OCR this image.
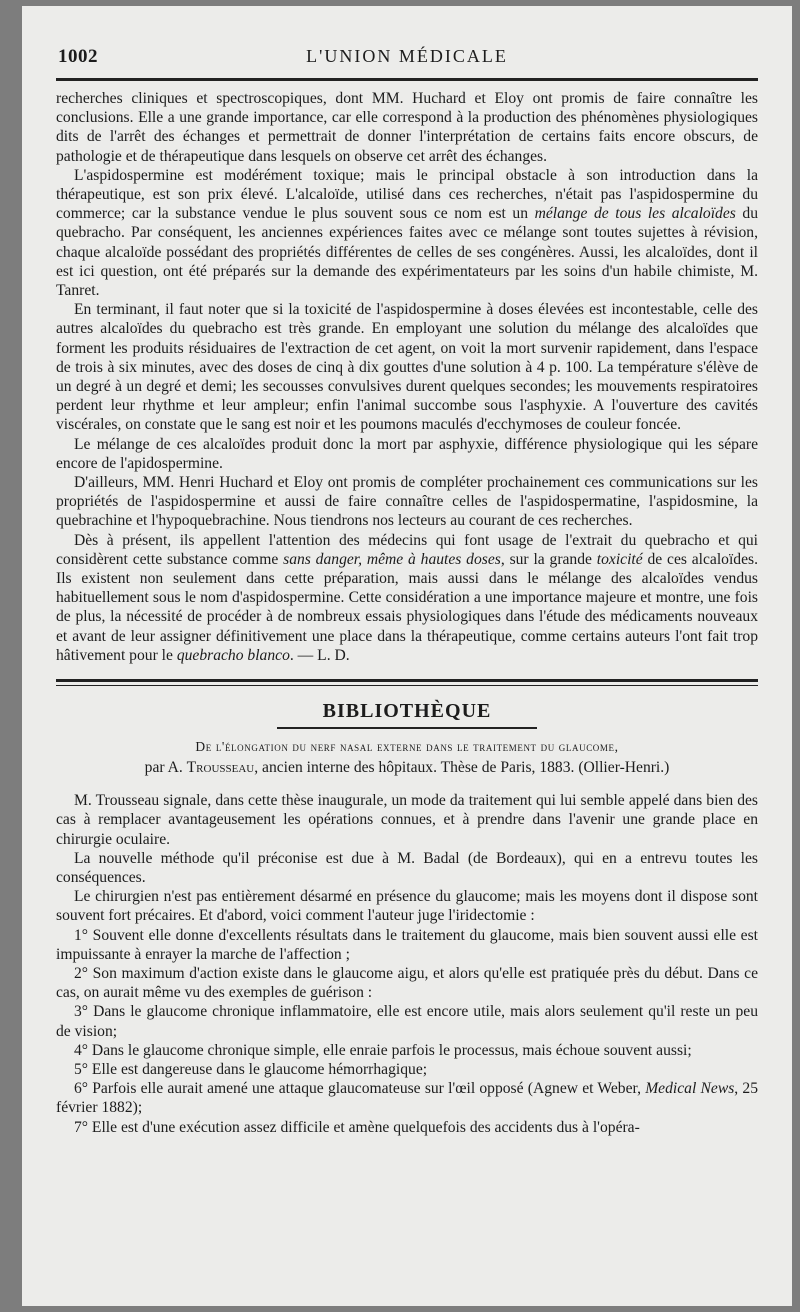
1002	L'UNION MÉDICALE

recherches cliniques et spectroscopiques, dont MM. Huchard et Eloy ont promis de faire connaître les conclusions. Elle a une grande importance, car elle correspond à la production des phénomènes physiologiques dits de l'arrêt des échanges et permettrait de donner l'interprétation de certains faits encore obscurs, de pathologie et de thérapeutique dans lesquels on observe cet arrêt des échanges.

L'aspidospermine est modérément toxique; mais le principal obstacle à son introduction dans la thérapeutique, est son prix élevé. L'alcaloïde, utilisé dans ces recherches, n'était pas l'aspidospermine du commerce; car la substance vendue le plus souvent sous ce nom est un mélange de tous les alcaloïdes du quebracho. Par conséquent, les anciennes expériences faites avec ce mélange sont toutes sujettes à révision, chaque alcaloïde possédant des propriétés différentes de celles de ses congénères. Aussi, les alcaloïdes, dont il est ici question, ont été préparés sur la demande des expérimentateurs par les soins d'un habile chimiste, M. Tanret.

En terminant, il faut noter que si la toxicité de l'aspidospermine à doses élevées est incontestable, celle des autres alcaloïdes du quebracho est très grande. En employant une solution du mélange des alcaloïdes que forment les produits résiduaires de l'extraction de cet agent, on voit la mort survenir rapidement, dans l'espace de trois à six minutes, avec des doses de cinq à dix gouttes d'une solution à 4 p. 100. La température s'élève de un degré à un degré et demi; les secousses convulsives durent quelques secondes; les mouvements respiratoires perdent leur rhythme et leur ampleur; enfin l'animal succombe sous l'asphyxie. A l'ouverture des cavités viscérales, on constate que le sang est noir et les poumons maculés d'ecchymoses de couleur foncée.

Le mélange de ces alcaloïdes produit donc la mort par asphyxie, différence physiologique qui les sépare encore de l'apidospermine.

D'ailleurs, MM. Henri Huchard et Eloy ont promis de compléter prochainement ces communications sur les propriétés de l'aspidospermine et aussi de faire connaître celles de l'aspidospermatine, l'aspidosmine, la quebrachine et l'hypoquebrachine. Nous tiendrons nos lecteurs au courant de ces recherches.

Dès à présent, ils appellent l'attention des médecins qui font usage de l'extrait du quebracho et qui considèrent cette substance comme sans danger, même à hautes doses, sur la grande toxicité de ces alcaloïdes. Ils existent non seulement dans cette préparation, mais aussi dans le mélange des alcaloïdes vendus habituellement sous le nom d'aspidospermine. Cette considération a une importance majeure et montre, une fois de plus, la nécessité de procéder à de nombreux essais physiologiques dans l'étude des médicaments nouveaux et avant de leur assigner définitivement une place dans la thérapeutique, comme certains auteurs l'ont fait trop hâtivement pour le quebracho blanco. — L. D.

BIBLIOTHÈQUE
De l'élongation du nerf nasal externe dans le traitement du glaucome,
par A. Trousseau, ancien interne des hôpitaux. Thèse de Paris, 1883. (Ollier-Henri.)

M. Trousseau signale, dans cette thèse inaugurale, un mode da traitement qui lui semble appelé dans bien des cas à remplacer avantageusement les opérations connues, et à prendre dans l'avenir une grande place en chirurgie oculaire.

La nouvelle méthode qu'il préconise est due à M. Badal (de Bordeaux), qui en a entrevu toutes les conséquences.

Le chirurgien n'est pas entièrement désarmé en présence du glaucome; mais les moyens dont il dispose sont souvent fort précaires. Et d'abord, voici comment l'auteur juge l'iridectomie :

1° Souvent elle donne d'excellents résultats dans le traitement du glaucome, mais bien souvent aussi elle est impuissante à enrayer la marche de l'affection ;

2° Son maximum d'action existe dans le glaucome aigu, et alors qu'elle est pratiquée près du début. Dans ce cas, on aurait même vu des exemples de guérison :

3° Dans le glaucome chronique inflammatoire, elle est encore utile, mais alors seulement qu'il reste un peu de vision;

4° Dans le glaucome chronique simple, elle enraie parfois le processus, mais échoue souvent aussi;

5° Elle est dangereuse dans le glaucome hémorrhagique;

6° Parfois elle aurait amené une attaque glaucomateuse sur l'œil opposé (Agnew et Weber, Medical News, 25 février 1882);

7° Elle est d'une exécution assez difficile et amène quelquefois des accidents dus à l'opéra-
